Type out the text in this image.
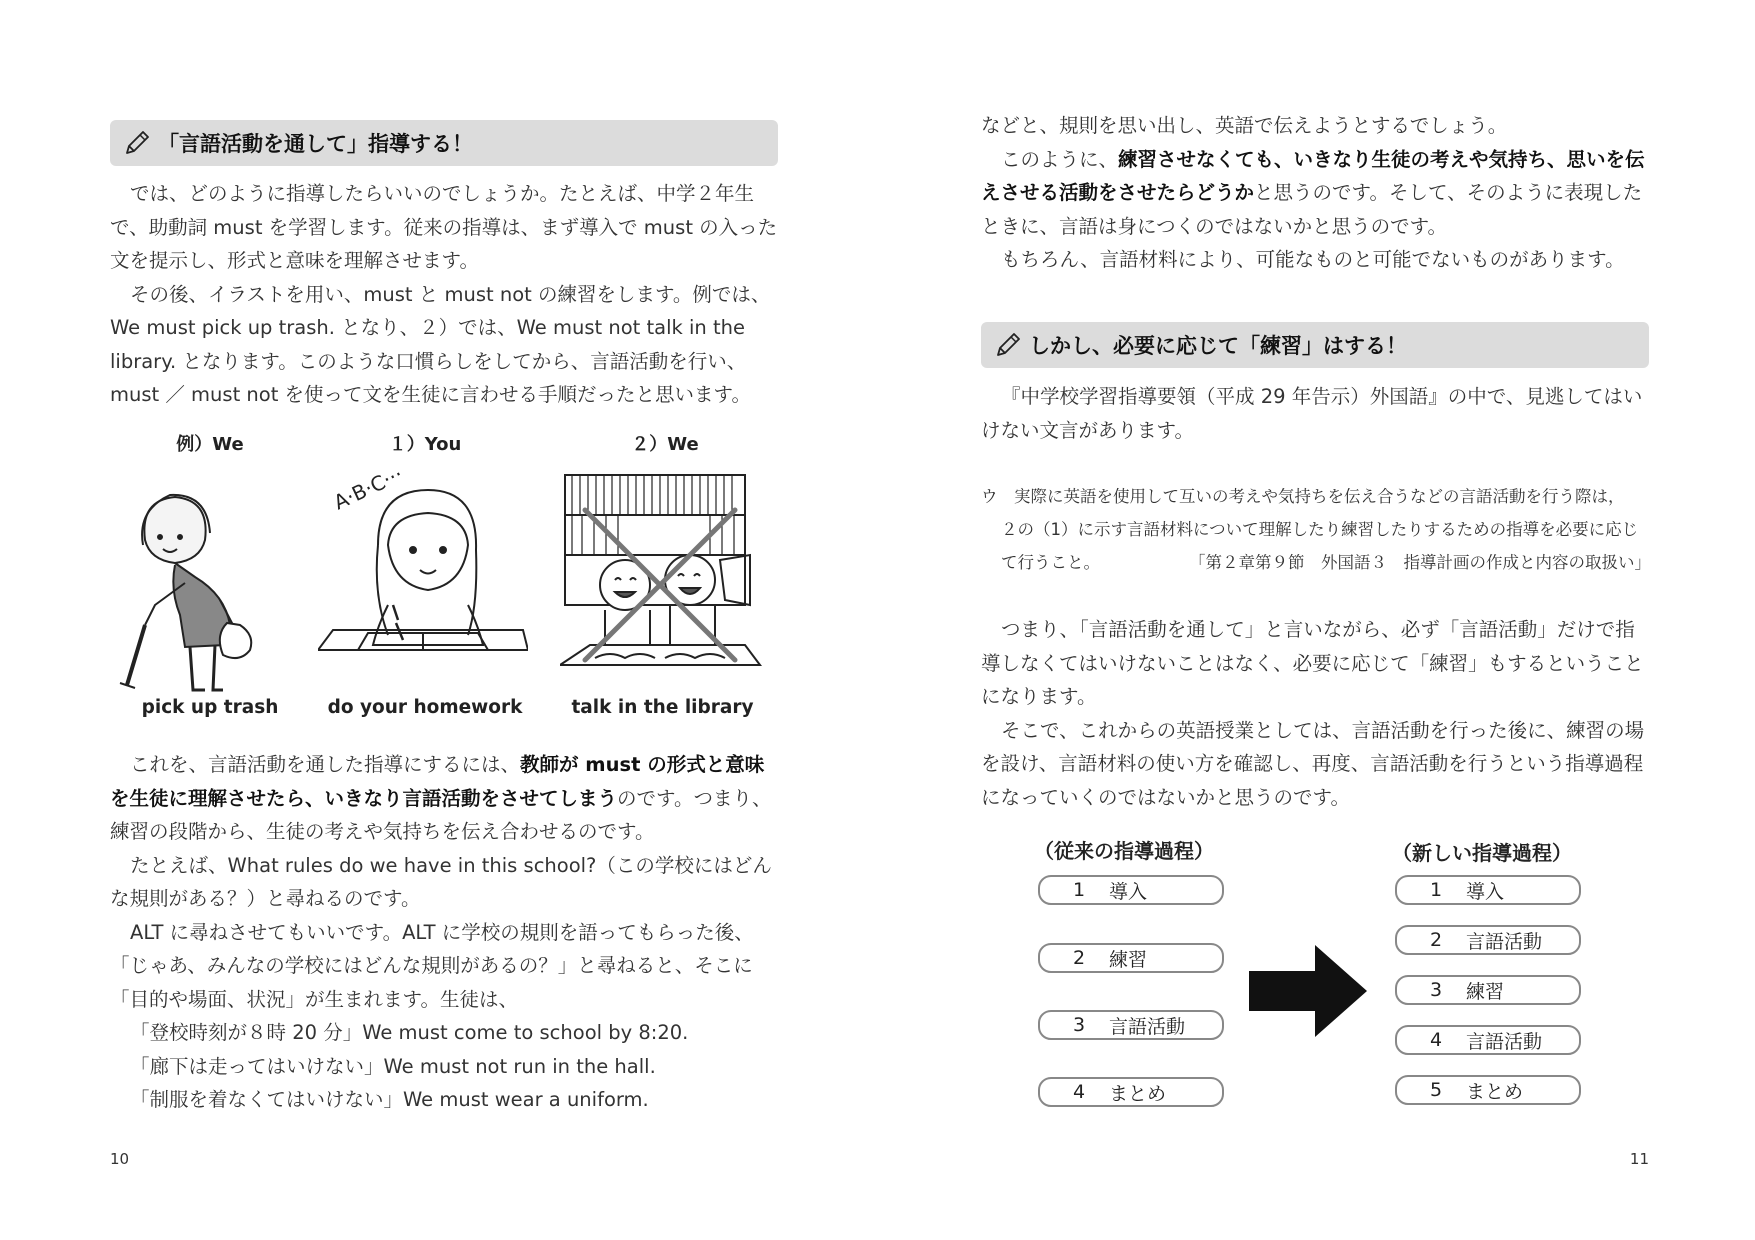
「言語活動を通して」指導する！

では、どのように指導したらいいのでしょうか。たとえば、中学２年生で、助動詞 must を学習します。従来の指導は、まず導入で must の入った文を提示し、形式と意味を理解させます。

その後、イラストを用い、must と must not の練習をします。例では、We must pick up trash. となり、２）では、We must not talk in the library. となります。このような口慣らしをしてから、言語活動を行い、must ／ must not を使って文を生徒に言わせる手順だったと思います。

例）We	１）You	２）We
A·B·C···
pick up trash	do your homework	talk in the library

これを、言語活動を通した指導にするには、教師が must の形式と意味を生徒に理解させたら、いきなり言語活動をさせてしまうのです。つまり、練習の段階から、生徒の考えや気持ちを伝え合わせるのです。

たとえば、What rules do we have in this school?（この学校にはどんな規則がある？）と尋ねるのです。

ALT に尋ねさせてもいいです。ALT に学校の規則を語ってもらった後、「じゃあ、みんなの学校にはどんな規則があるの？」と尋ねると、そこに「目的や場面、状況」が生まれます。生徒は、

「登校時刻が８時 20 分」We must come to school by 8:20.

「廊下は走ってはいけない」We must not run in the hall.

「制服を着なくてはいけない」We must wear a uniform.

10

などと、規則を思い出し、英語で伝えようとするでしょう。

このように、練習させなくても、いきなり生徒の考えや気持ち、思いを伝えさせる活動をさせたらどうかと思うのです。そして、そのように表現したときに、言語は身につくのではないかと思うのです。

もちろん、言語材料により、可能なものと可能でないものがあります。

しかし、必要に応じて「練習」はする！

『中学校学習指導要領（平成 29 年告示）外国語』の中で、見逃してはいけない文言があります。

ウ　実際に英語を使用して互いの考えや気持ちを伝え合うなどの言語活動を行う際は，

２の（1）に示す言語材料について理解したり練習したりするための指導を必要に応じ

て行うこと。	「第２章第９節　外国語３　指導計画の作成と内容の取扱い」

つまり、「言語活動を通して」と言いながら、必ず「言語活動」だけで指導しなくてはいけないことはなく、必要に応じて「練習」もするということになります。

そこで、これからの英語授業としては、言語活動を行った後に、練習の場を設け、言語材料の使い方を確認し、再度、言語活動を行うという指導過程になっていくのではないかと思うのです。

（従来の指導過程）	（新しい指導過程）
1	導入
2	練習
3	言語活動
4	まとめ
1	導入
2	言語活動
3	練習
4	言語活動
5	まとめ
11
